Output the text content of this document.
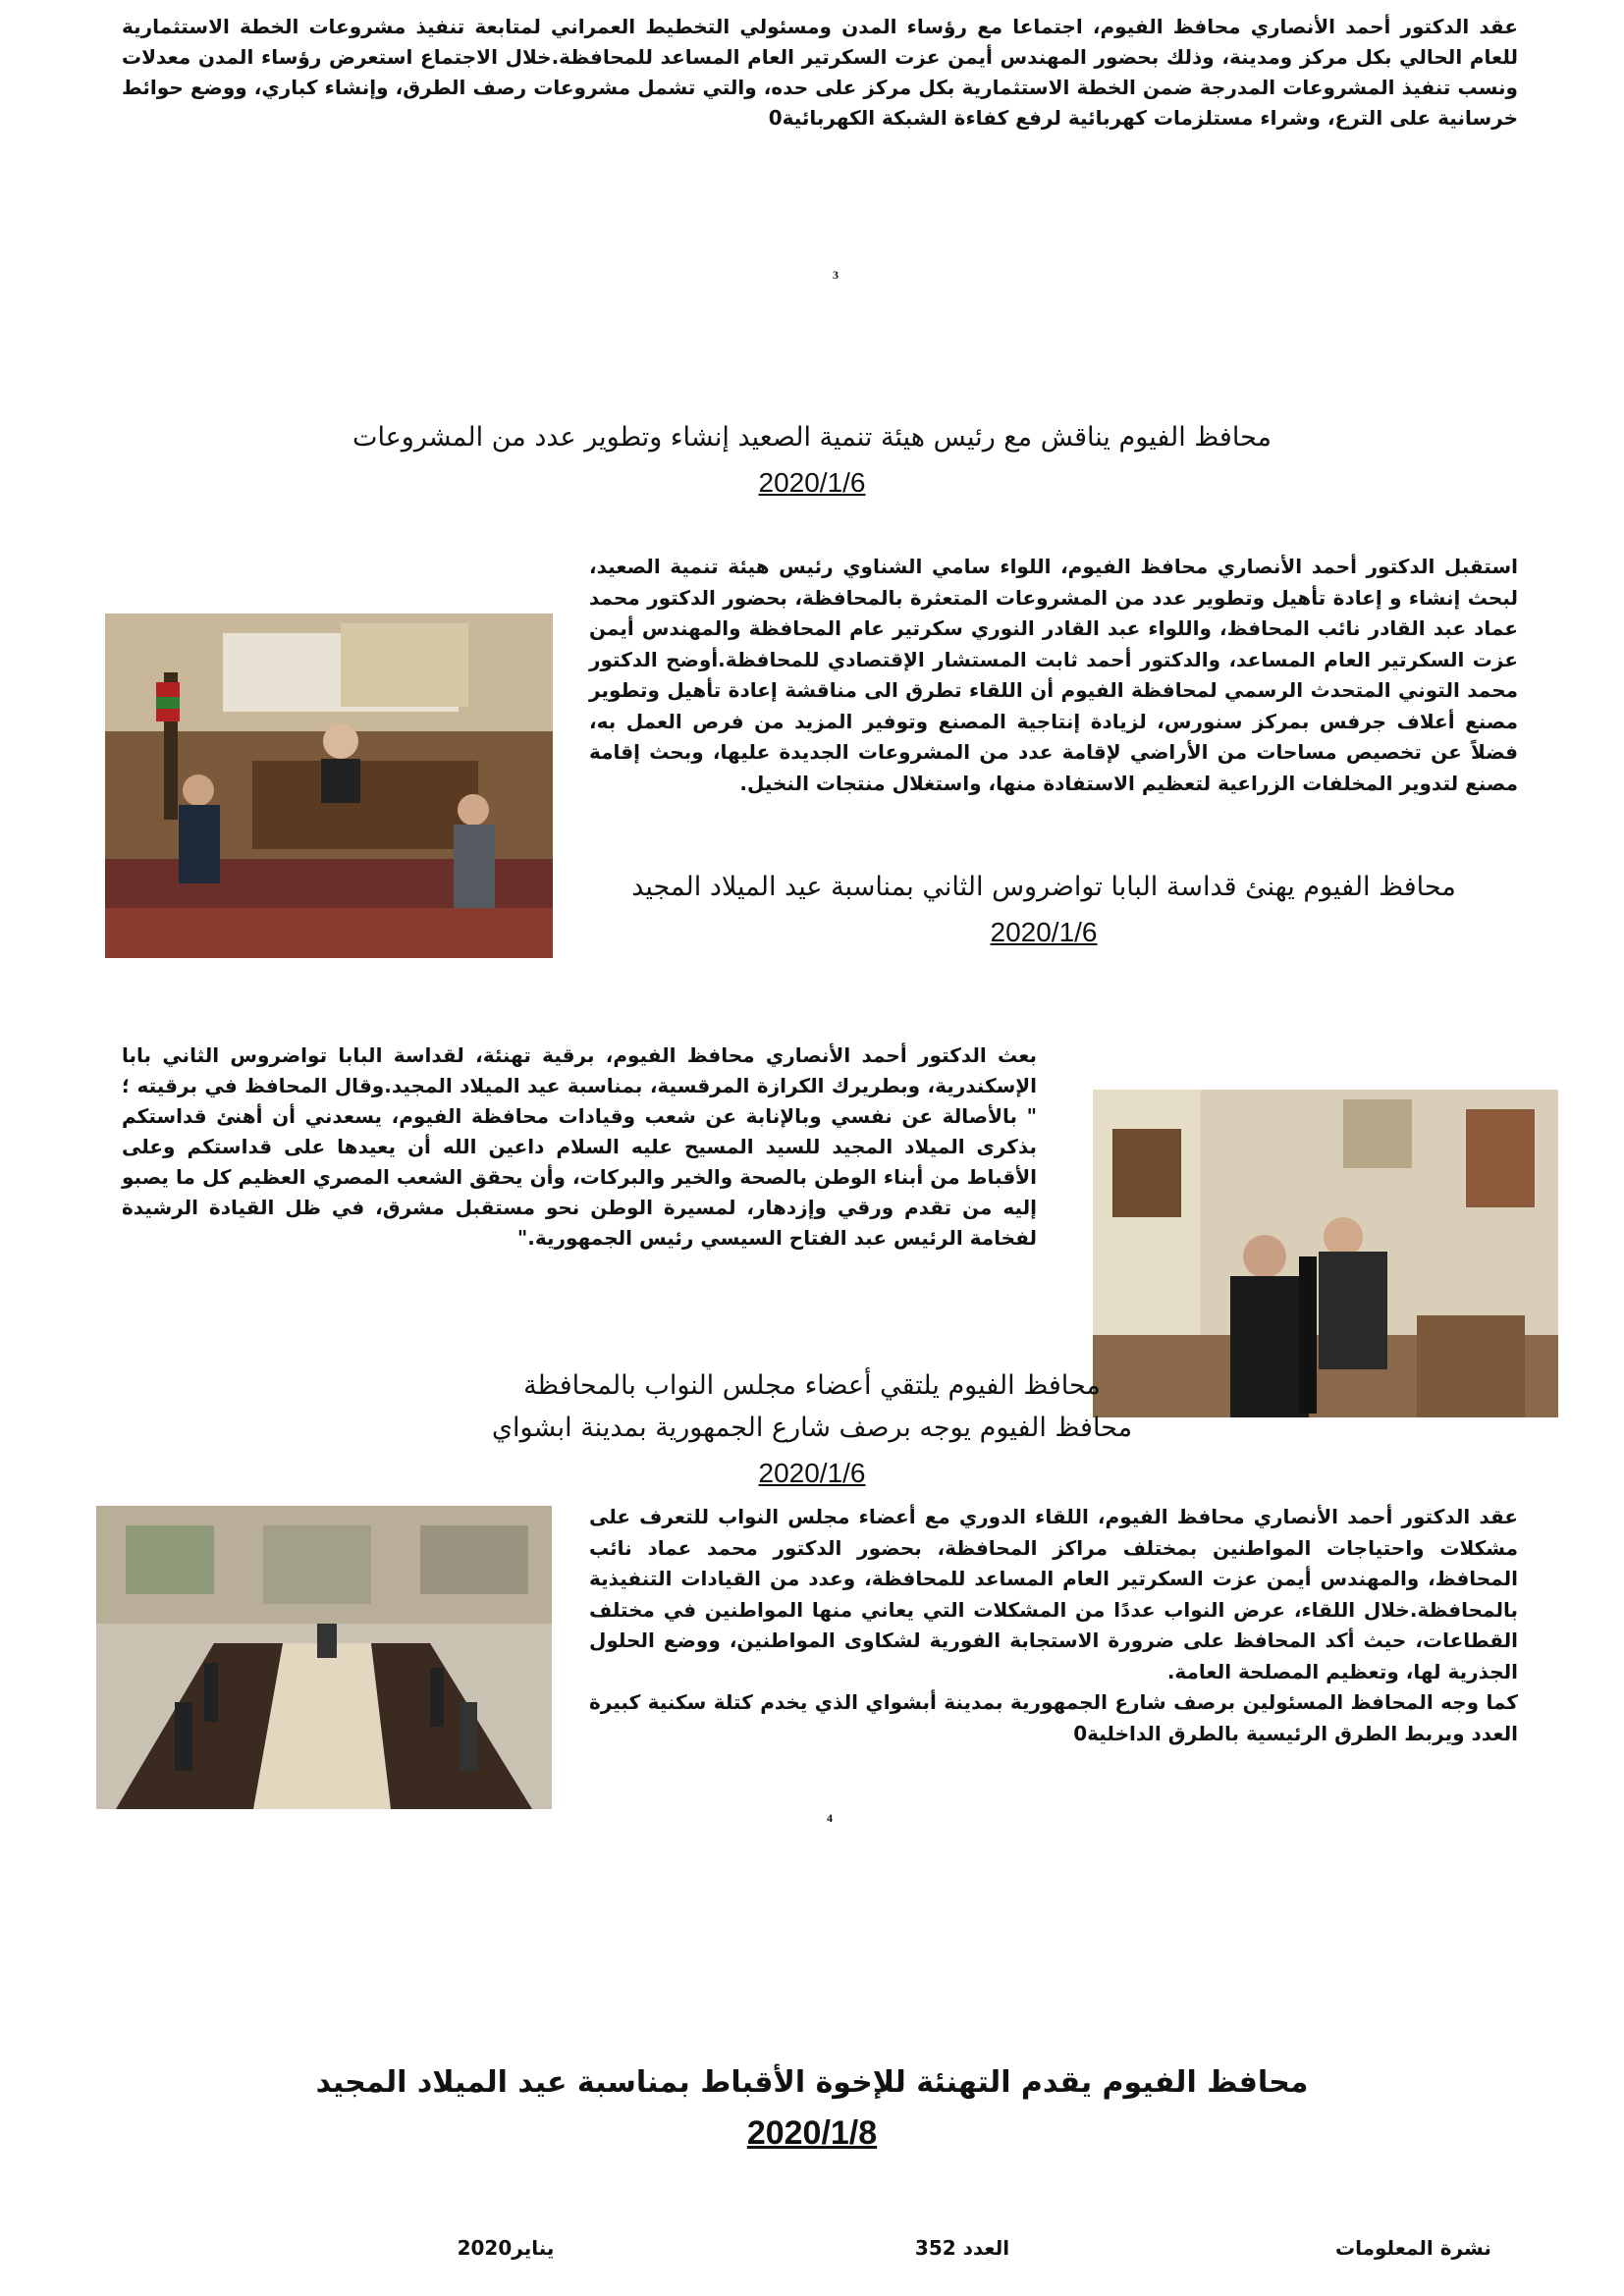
عقد الدكتور أحمد الأنصاري محافظ الفيوم، اجتماعا مع رؤساء المدن ومسئولي التخطيط العمراني لمتابعة تنفيذ مشروعات الخطة الاستثمارية للعام الحالي بكل مركز ومدينة، وذلك بحضور المهندس أيمن عزت السكرتير العام المساعد للمحافظة.خلال الاجتماع استعرض رؤساء المدن معدلات ونسب تنفيذ المشروعات المدرجة ضمن الخطة الاستثمارية بكل مركز على حده، والتي تشمل مشروعات رصف الطرق، وإنشاء كباري، ووضع حوائط خرسانية على الترع، وشراء مستلزمات كهربائية لرفع كفاءة الشبكة الكهربائية0

3
محافظ الفيوم يناقش مع رئيس هيئة تنمية الصعيد إنشاء وتطوير عدد من المشروعات
2020/1/6

استقبل الدكتور أحمد الأنصاري محافظ الفيوم، اللواء سامي الشناوي رئيس هيئة تنمية الصعيد، لبحث إنشاء و إعادة تأهيل وتطوير عدد من المشروعات المتعثرة بالمحافظة، بحضور الدكتور محمد عماد عبد القادر نائب المحافظ، واللواء عبد القادر النوري سكرتير عام المحافظة والمهندس أيمن عزت السكرتير العام المساعد، والدكتور أحمد ثابت المستشار الإقتصادي للمحافظة.أوضح الدكتور محمد التوني المتحدث الرسمي لمحافظة الفيوم أن اللقاء تطرق الى مناقشة إعادة تأهيل وتطوير مصنع أعلاف جرفس بمركز سنورس، لزيادة إنتاجية المصنع وتوفير المزيد من فرص العمل به، فضلاً عن تخصيص مساحات من الأراضي لإقامة عدد من المشروعات الجديدة عليها، وبحث إقامة مصنع لتدوير المخلفات الزراعية لتعظيم الاستفادة منها، واستغلال منتجات النخيل.

محافظ الفيوم يهنئ قداسة البابا تواضروس الثاني بمناسبة عيد الميلاد المجيد
2020/1/6

بعث الدكتور أحمد الأنصاري محافظ الفيوم، برقية تهنئة، لقداسة البابا تواضروس الثاني بابا الإسكندرية، وبطريرك الكرازة المرقسية، بمناسبة عيد الميلاد المجيد.وقال المحافظ في برقيته ؛ " بالأصالة عن نفسي وبالإنابة عن شعب وقيادات محافظة الفيوم، يسعدني أن أهنئ قداستكم بذكرى الميلاد المجيد للسيد المسيح عليه السلام داعين الله أن يعيدها على قداستكم وعلى الأقباط من أبناء الوطن بالصحة والخير والبركات، وأن يحقق الشعب المصري العظيم كل ما يصبو إليه من تقدم ورقي وإزدهار، لمسيرة الوطن نحو مستقبل مشرق، في ظل القيادة الرشيدة لفخامة الرئيس عبد الفتاح السيسي رئيس الجمهورية."

محافظ الفيوم يلتقي أعضاء مجلس النواب بالمحافظة
محافظ الفيوم يوجه برصف شارع الجمهورية بمدينة ابشواي
2020/1/6

عقد الدكتور أحمد الأنصاري محافظ الفيوم، اللقاء الدوري مع أعضاء مجلس النواب للتعرف على مشكلات واحتياجات المواطنين بمختلف مراكز المحافظة، بحضور الدكتور محمد عماد نائب المحافظ، والمهندس أيمن عزت السكرتير العام المساعد للمحافظة، وعدد من القيادات التنفيذية بالمحافظة.خلال اللقاء، عرض النواب عددًا من المشكلات التي يعاني منها المواطنين في مختلف القطاعات، حيث أكد المحافظ على ضرورة الاستجابة الفورية لشكاوى المواطنين، ووضع الحلول الجذرية لها، وتعظيم المصلحة العامة.

كما وجه المحافظ المسئولين برصف شارع الجمهورية بمدينة أبشواي الذي يخدم كتلة سكنية كبيرة العدد ويربط الطرق الرئيسية بالطرق الداخلية0

4
محافظ الفيوم يقدم التهنئة للإخوة الأقباط بمناسبة عيد الميلاد المجيد
2020/1/8
نشرة المعلومات
العدد 352
يناير2020
